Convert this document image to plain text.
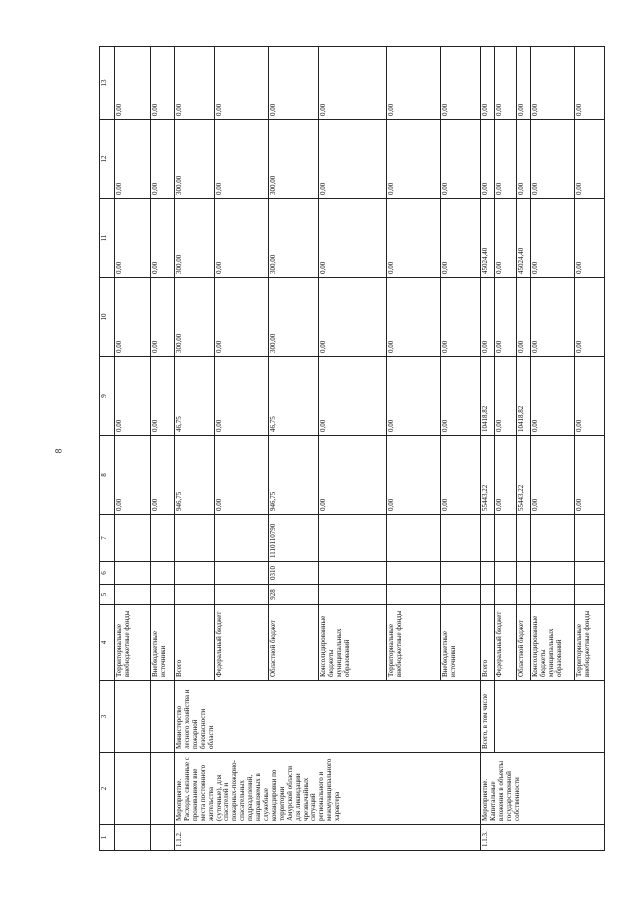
8
1	2	3	4	5	6	7	8	9	10	11	12	13
			Территориальные внебюджетные фонды				0,00	0,00	0,00	0,00	0,00	0,00
			Внебюджетные источники				0,00	0,00	0,00	0,00	0,00	0,00
1.1.2.	Мероприятие. Расходы, связанные с проживанием вне места постоянного жительства (суточные), для спасателей и пожарных-пожарно-спасательных подразделений, направляемых в служебные командировки по территории Амурской области для ликвидации чрезвычайных ситуаций регионального и межмуниципального характера	Министерство лесного хозяйства и пожарной безопасности области	Всего				946,75	46,75	300,00	300,00	300,00	0,00
			Федеральный бюджет				0,00	0,00	0,00	0,00	0,00	0,00
			Областной бюджет	928	0310	1110110790	946,75	46,75	300,00	300,00	300,00	0,00
			Консолидированные бюджеты муниципальных образований				0,00	0,00	0,00	0,00	0,00	0,00
			Территориальные внебюджетные фонды				0,00	0,00	0,00	0,00	0,00	0,00
			Внебюджетные источники				0,00	0,00	0,00	0,00	0,00	0,00
1.1.3.	Мероприятие. Капитальные вложения в объекты государственной собственности	Всего, в том числе	Всего				55443,22	10418,82	0,00	45024,40	0,00	0,00
			Федеральный бюджет				0,00	0,00	0,00	0,00	0,00	0,00
			Областной бюджет				55443,22	10418,82	0,00	45024,40	0,00	0,00
			Консолидированные бюджеты муниципальных образований				0,00	0,00	0,00	0,00	0,00	0,00
			Территориальные внебюджетные фонды				0,00	0,00	0,00	0,00	0,00	0,00
